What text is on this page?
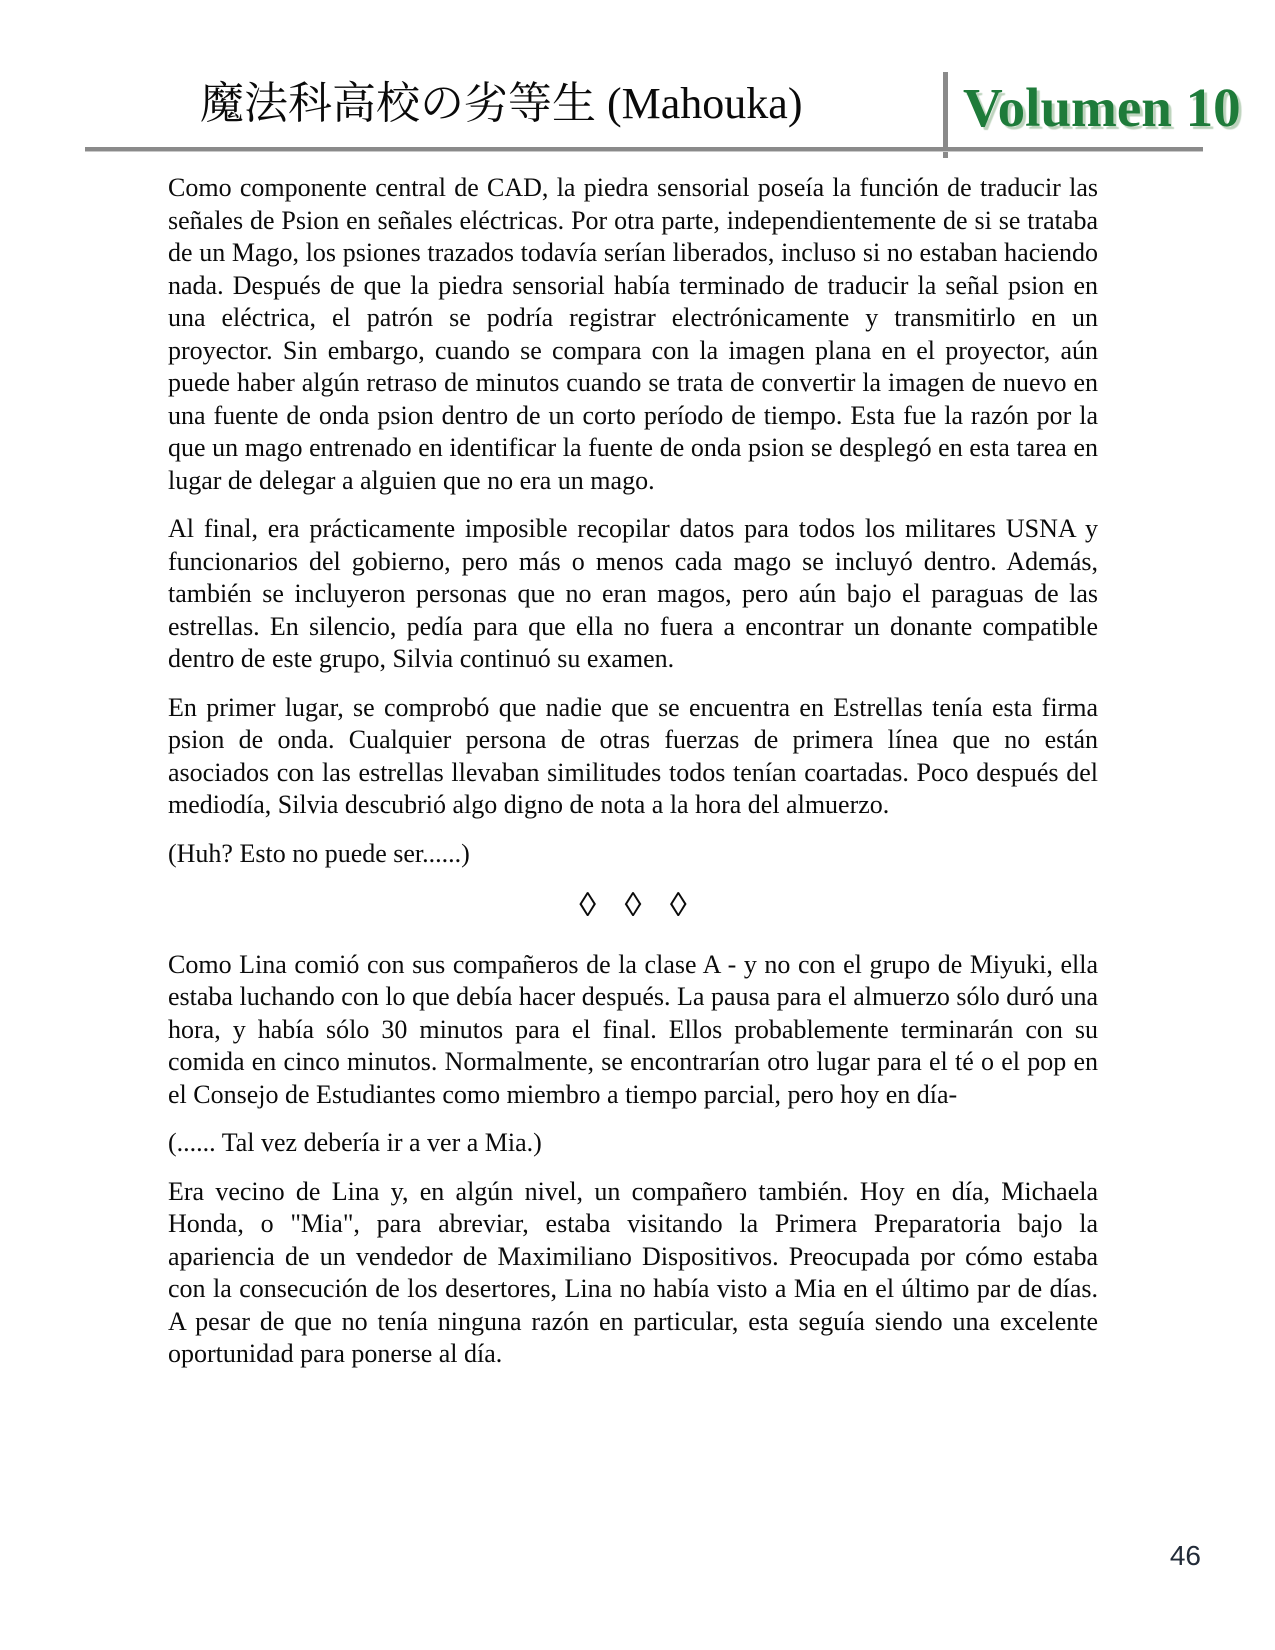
魔法科高校の劣等生 (Mahouka)	Volumen 10

Como componente central de CAD, la piedra sensorial poseía la función de traducir las señales de Psion en señales eléctricas. Por otra parte, independientemente de si se trataba de un Mago, los psiones trazados todavía serían liberados, incluso si no estaban haciendo nada. Después de que la piedra sensorial había terminado de traducir la señal psion en una eléctrica, el patrón se podría registrar electrónicamente y transmitirlo en un proyector. Sin embargo, cuando se compara con la imagen plana en el proyector, aún puede haber algún retraso de minutos cuando se trata de convertir la imagen de nuevo en una fuente de onda psion dentro de un corto período de tiempo. Esta fue la razón por la que un mago entrenado en identificar la fuente de onda psion se desplegó en esta tarea en lugar de delegar a alguien que no era un mago.

Al final, era prácticamente imposible recopilar datos para todos los militares USNA y funcionarios del gobierno, pero más o menos cada mago se incluyó dentro. Además, también se incluyeron personas que no eran magos, pero aún bajo el paraguas de las estrellas. En silencio, pedía para que ella no fuera a encontrar un donante compatible dentro de este grupo, Silvia continuó su examen.

En primer lugar, se comprobó que nadie que se encuentra en Estrellas tenía esta firma psion de onda. Cualquier persona de otras fuerzas de primera línea que no están asociados con las estrellas llevaban similitudes todos tenían coartadas. Poco después del mediodía, Silvia descubrió algo digno de nota a la hora del almuerzo.

(Huh? Esto no puede ser......)

◊ ◊ ◊

Como Lina comió con sus compañeros de la clase A - y no con el grupo de Miyuki, ella estaba luchando con lo que debía hacer después. La pausa para el almuerzo sólo duró una hora, y había sólo 30 minutos para el final. Ellos probablemente terminarán con su comida en cinco minutos. Normalmente, se encontrarían otro lugar para el té o el pop en el Consejo de Estudiantes como miembro a tiempo parcial, pero hoy en día-

(...... Tal vez debería ir a ver a Mia.)

Era vecino de Lina y, en algún nivel, un compañero también. Hoy en día, Michaela Honda, o "Mia", para abreviar, estaba visitando la Primera Preparatoria bajo la apariencia de un vendedor de Maximiliano Dispositivos. Preocupada por cómo estaba con la consecución de los desertores, Lina no había visto a Mia en el último par de días. A pesar de que no tenía ninguna razón en particular, esta seguía siendo una excelente oportunidad para ponerse al día.

46
